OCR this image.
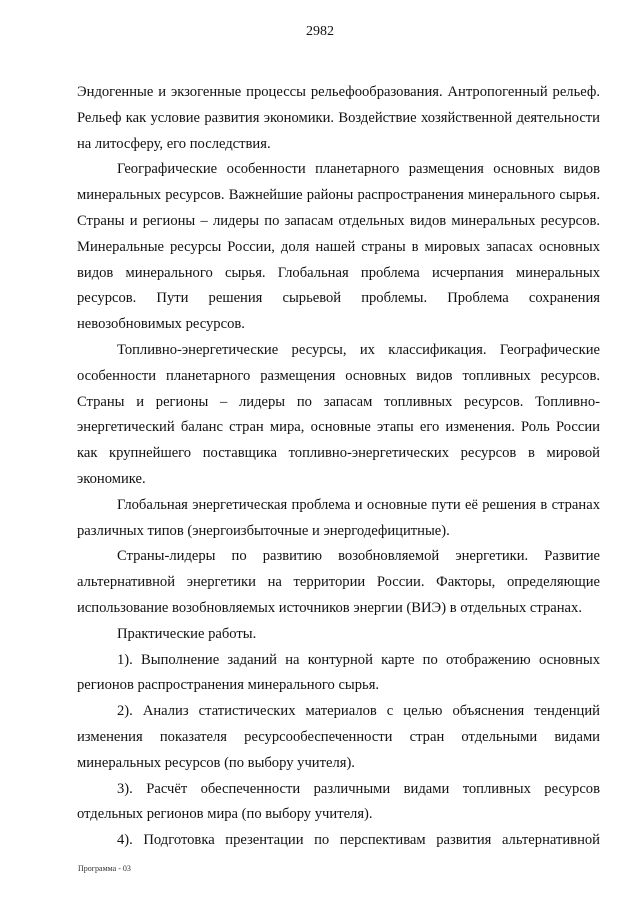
2982

Эндогенные и экзогенные процессы рельефообразования. Антропогенный рельеф. Рельеф как условие развития экономики. Воздействие хозяйственной деятельности на литосферу, его последствия.

Географические особенности планетарного размещения основных видов минеральных ресурсов. Важнейшие районы распространения минерального сырья. Страны и регионы – лидеры по запасам отдельных видов минеральных ресурсов. Минеральные ресурсы России, доля нашей страны в мировых запасах основных видов минерального сырья. Глобальная проблема исчерпания минеральных ресурсов. Пути решения сырьевой проблемы. Проблема сохранения невозобновимых ресурсов.

Топливно-энергетические ресурсы, их классификация. Географические особенности планетарного размещения основных видов топливных ресурсов. Страны и регионы – лидеры по запасам топливных ресурсов. Топливно-энергетический баланс стран мира, основные этапы его изменения. Роль России как крупнейшего поставщика топливно-энергетических ресурсов в мировой экономике.

Глобальная энергетическая проблема и основные пути её решения в странах различных типов (энергоизбыточные и энергодефицитные).

Страны-лидеры по развитию возобновляемой энергетики. Развитие альтернативной энергетики на территории России. Факторы, определяющие использование возобновляемых источников энергии (ВИЭ) в отдельных странах.

Практические работы.

1). Выполнение заданий на контурной карте по отображению основных регионов распространения минерального сырья.

2). Анализ статистических материалов с целью объяснения тенденций изменения показателя ресурсообеспеченности стран отдельными видами минеральных ресурсов (по выбору учителя).

3). Расчёт обеспеченности различными видами топливных ресурсов отдельных регионов мира (по выбору учителя).

4). Подготовка презентации по перспективам развития альтернативной

Программа - 03
